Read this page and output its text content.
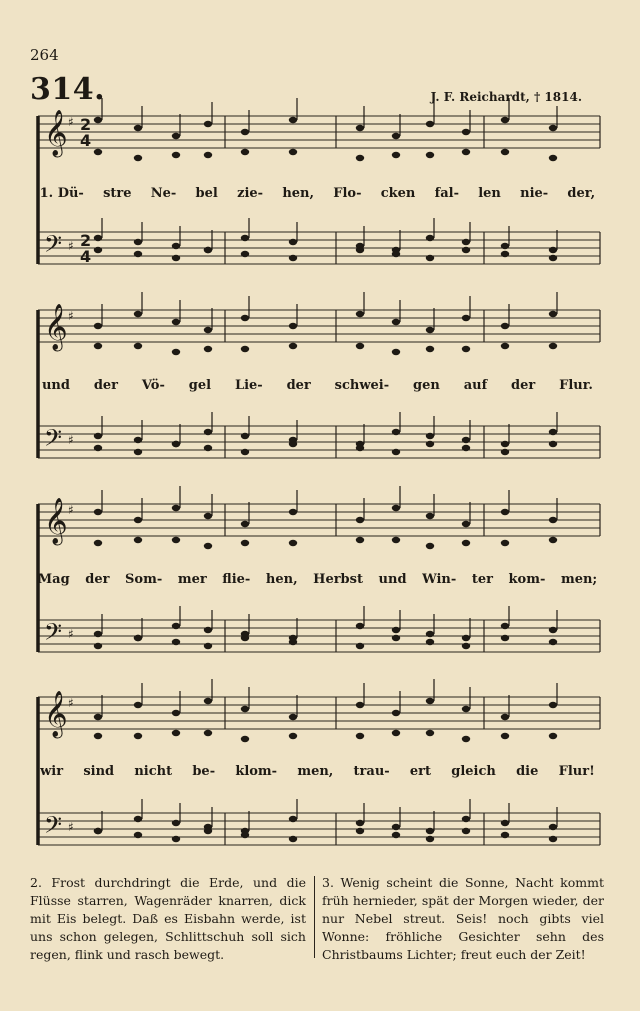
264
314.	J. F. Reichardt, † 1814.
𝄞
𝄢
♯
♯
2
4
2
4
𝄞
𝄢
♯
♯
𝄞
𝄢
♯
♯
𝄞
𝄢
♯
♯
1. Dü- stre Ne- bel zie- hen, Flo- cken fal- len nie- der,
und der Vö- gel Lie- der schwei- gen auf der Flur.
Mag der Som- mer flie- hen, Herbst und Win- ter kom- men;
wir sind nicht be- klom- men, trau- ert gleich die Flur!
2. Frost durchdringt die Erde, und die Flüsse starren, Wagenräder knarren, dick mit Eis belegt. Daß es Eisbahn werde, ist uns schon gelegen, Schlittschuh soll sich regen, flink und rasch bewegt.
3. Wenig scheint die Sonne, Nacht kommt früh hernieder, spät der Morgen wieder, der nur Nebel streut. Seis! noch gibts viel Wonne: fröhliche Gesichter sehn des Christbaums Lichter; freut euch der Zeit!
